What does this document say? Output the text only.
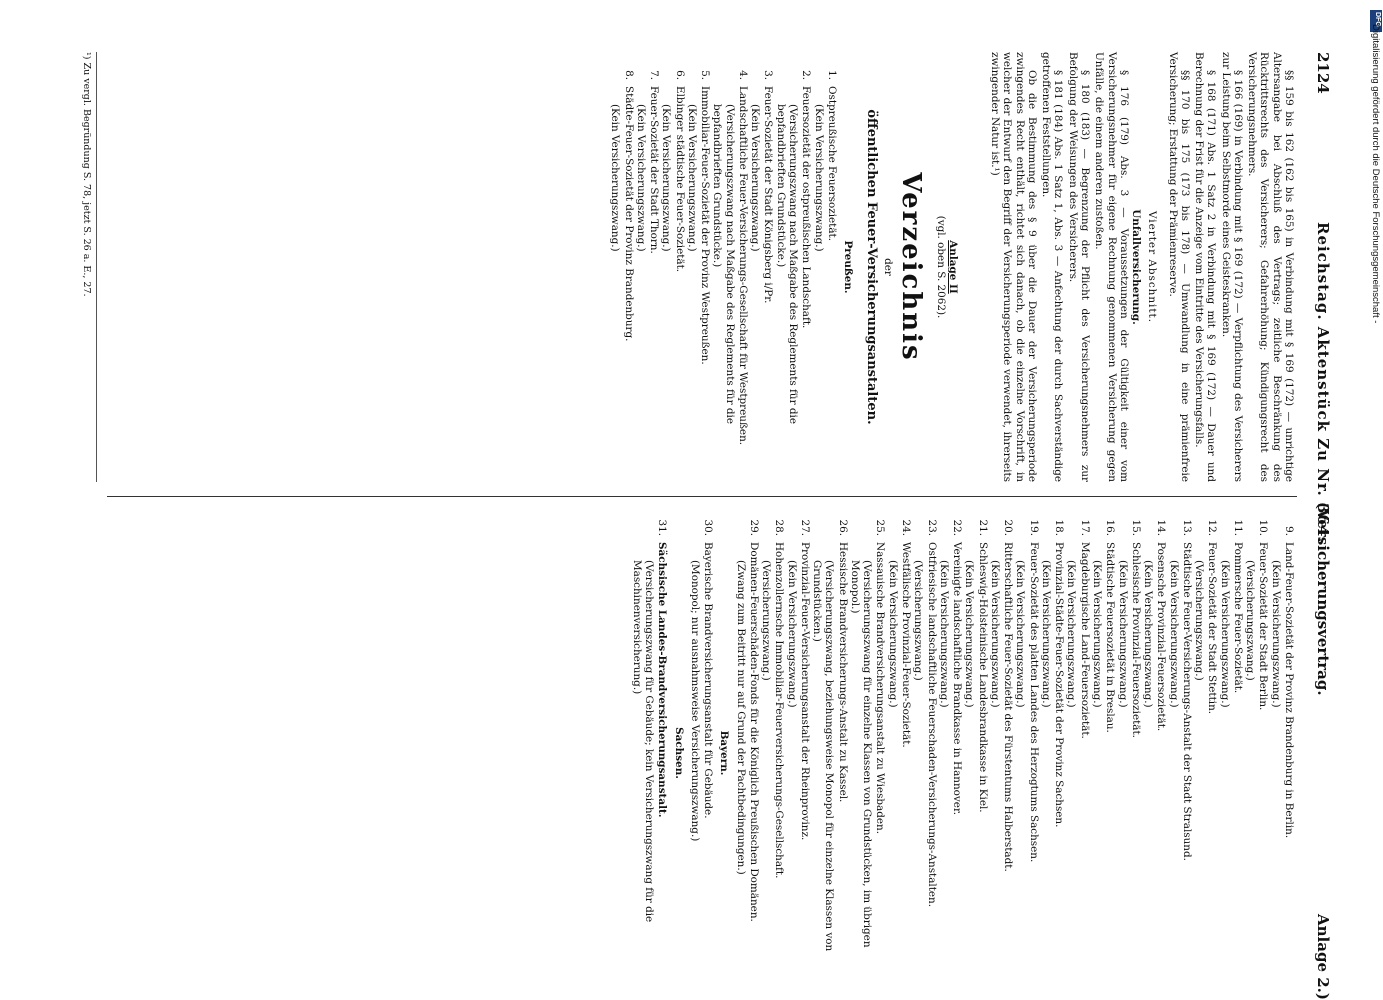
2124
Reichstag. Aktenstück Zu Nr. 364.
(Versicherungsvertrag.
Anlage 2.)

§§ 159 bis 162 (162 bis 165) in Verbindung mit § 169 (172) — unrichtige Altersangabe bei Abschluß des Vertrags; zeitliche Beschränkung des Rücktrittsrechts des Versicherers; Gefahrerhöhung; Kündigungsrecht des Versicherungsnehmers.

§ 166 (169) in Verbindung mit § 169 (172) — Verpflichtung des Versicherers zur Leistung beim Selbstmorde eines Geisteskranken.

§ 168 (171) Abs. 1 Satz 2 in Verbindung mit § 169 (172) — Dauer und Berechnung der Frist für die Anzeige vom Eintritte des Versicherungsfalls.

§§ 170 bis 175 (173 bis 178) — Umwandlung in eine prämienfreie Versicherung; Erstattung der Prämienreserve.

Vierter Abschnitt.
Unfallversicherung.

§ 176 (179) Abs. 3 — Voraussetzungen der Gültigkeit einer vom Versicherungsnehmer für eigene Rechnung genommenen Versicherung gegen Unfälle, die einem anderen zustoßen.

§ 180 (183) — Begrenzung der Pflicht des Versicherungsnehmers zur Befolgung der Weisungen des Versicherers.

§ 181 (184) Abs. 1 Satz 1, Abs. 3 — Anfechtung der durch Sachverständige getroffenen Feststellungen.

Ob die Bestimmung des § 9 über die Dauer der Versicherungsperiode zwingendes Recht enthält, richtet sich danach, ob die einzelne Vorschrift, in welcher der Entwurf den Begriff der Versicherungsperiode verwendet, ihrerseits zwingender Natur ist.¹)

Anlage II
(vgl. oben S. 2062).
Verzeichnis
der
öffentlichen Feuer-Versicherungsanstalten.
Preußen.
1.
Ostpreußische Feuersozietät.
(Kein Versicherungszwang.)
2.
Feuersozietät der ostpreußischen Landschaft.
(Versicherungszwang nach Maßgabe des Reglements für die bepfandbrieften Grundstücke.)
3.
Feuer-Sozietät der Stadt Königsberg i/Pr.
(Kein Versicherungszwang.)
4.
Landschaftliche Feuer-Versicherungs-Gesellschaft für Westpreußen.
(Versicherungszwang nach Maßgabe des Reglements für die bepfandbrieften Grundstücke.)
5.
Immobiliar-Feuer-Sozietät der Provinz Westpreußen.
(Kein Versicherungszwang.)
6.
Elbinger städtische Feuer-Sozietät.
(Kein Versicherungszwang.)
7.
Feuer-Sozietät der Stadt Thorn.
(Kein Versicherungszwang.)
8.
Städte-Feuer-Sozietät der Provinz Brandenburg.
(Kein Versicherungszwang.)
9.
Land-Feuer-Sozietät der Provinz Brandenburg in Berlin.
(Kein Versicherungszwang.)
10.
Feuer-Sozietät der Stadt Berlin.
(Versicherungszwang.)
11.
Pommersche Feuer-Sozietät.
(Kein Versicherungszwang.)
12.
Feuer-Sozietät der Stadt Stettin.
(Versicherungszwang.)
13.
Städtische Feuer-Versicherungs-Anstalt der Stadt Stralsund.
(Kein Versicherungszwang.)
14.
Posensche Provinzial-Feuersozietät.
(Kein Versicherungszwang.)
15.
Schlesische Provinzial-Feuersozietät.
(Kein Versicherungszwang.)
16.
Städtische Feuersozietät in Breslau.
(Kein Versicherungszwang.)
17.
Magdeburgische Land-Feuersozietät.
(Kein Versicherungszwang.)
18.
Provinzial-Städte-Feuer-Sozietät der Provinz Sachsen.
(Kein Versicherungszwang.)
19.
Feuer-Sozietät des platten Landes des Herzogtums Sachsen.
(Kein Versicherungszwang.)
20.
Ritterschaftliche Feuer-Sozietät des Fürstentums Halberstadt.
(Kein Versicherungszwang.)
21.
Schleswig-Holsteinische Landesbrandkasse in Kiel.
(Kein Versicherungszwang.)
22.
Vereinigte landschaftliche Brandkasse in Hannover.
(Kein Versicherungszwang.)
23.
Ostfriesische landschaftliche Feuerschaden-Versicherungs-Anstalten.
(Versicherungszwang.)
24.
Westfälische Provinzial-Feuer-Sozietät.
(Kein Versicherungszwang.)
25.
Nassauische Brandversicherungsanstalt zu Wiesbaden.
(Versicherungszwang für einzelne Klassen von Grundstücken, im übrigen Monopol.)
26.
Hessische Brandversicherungs-Anstalt zu Kassel.
(Versicherungszwang, beziehungsweise Monopol für einzelne Klassen von Grundstücken.)
27.
Provinzial-Feuer-Versicherungsanstalt der Rheinprovinz.
(Kein Versicherungszwang.)
28.
Hohenzollernsche Immobiliar-Feuerversicherungs-Gesellschaft.
(Versicherungszwang.)
29.
Domänen-Feuerschäden-Fonds für die Königlich Preußischen Domänen.
(Zwang zum Beitritt nur auf Grund der Pachtbedingungen.)
Bayern.
30.
Bayerische Brandversicherungsanstalt für Gebäude.
(Monopol; nur ausnahmsweise Versicherungszwang.)
Sachsen.
31.
Sächsische Landes-Brandversicherungsanstalt.
(Versicherungszwang für Gebäude; kein Versicherungszwang für die Maschinenversicherung.)
¹) Zu vergl. Begründung S. 78, jetzt S. 26 a. E., 27.
DFG
Digitalisierung gefördert durch die Deutsche Forschungsgemeinschaft -
